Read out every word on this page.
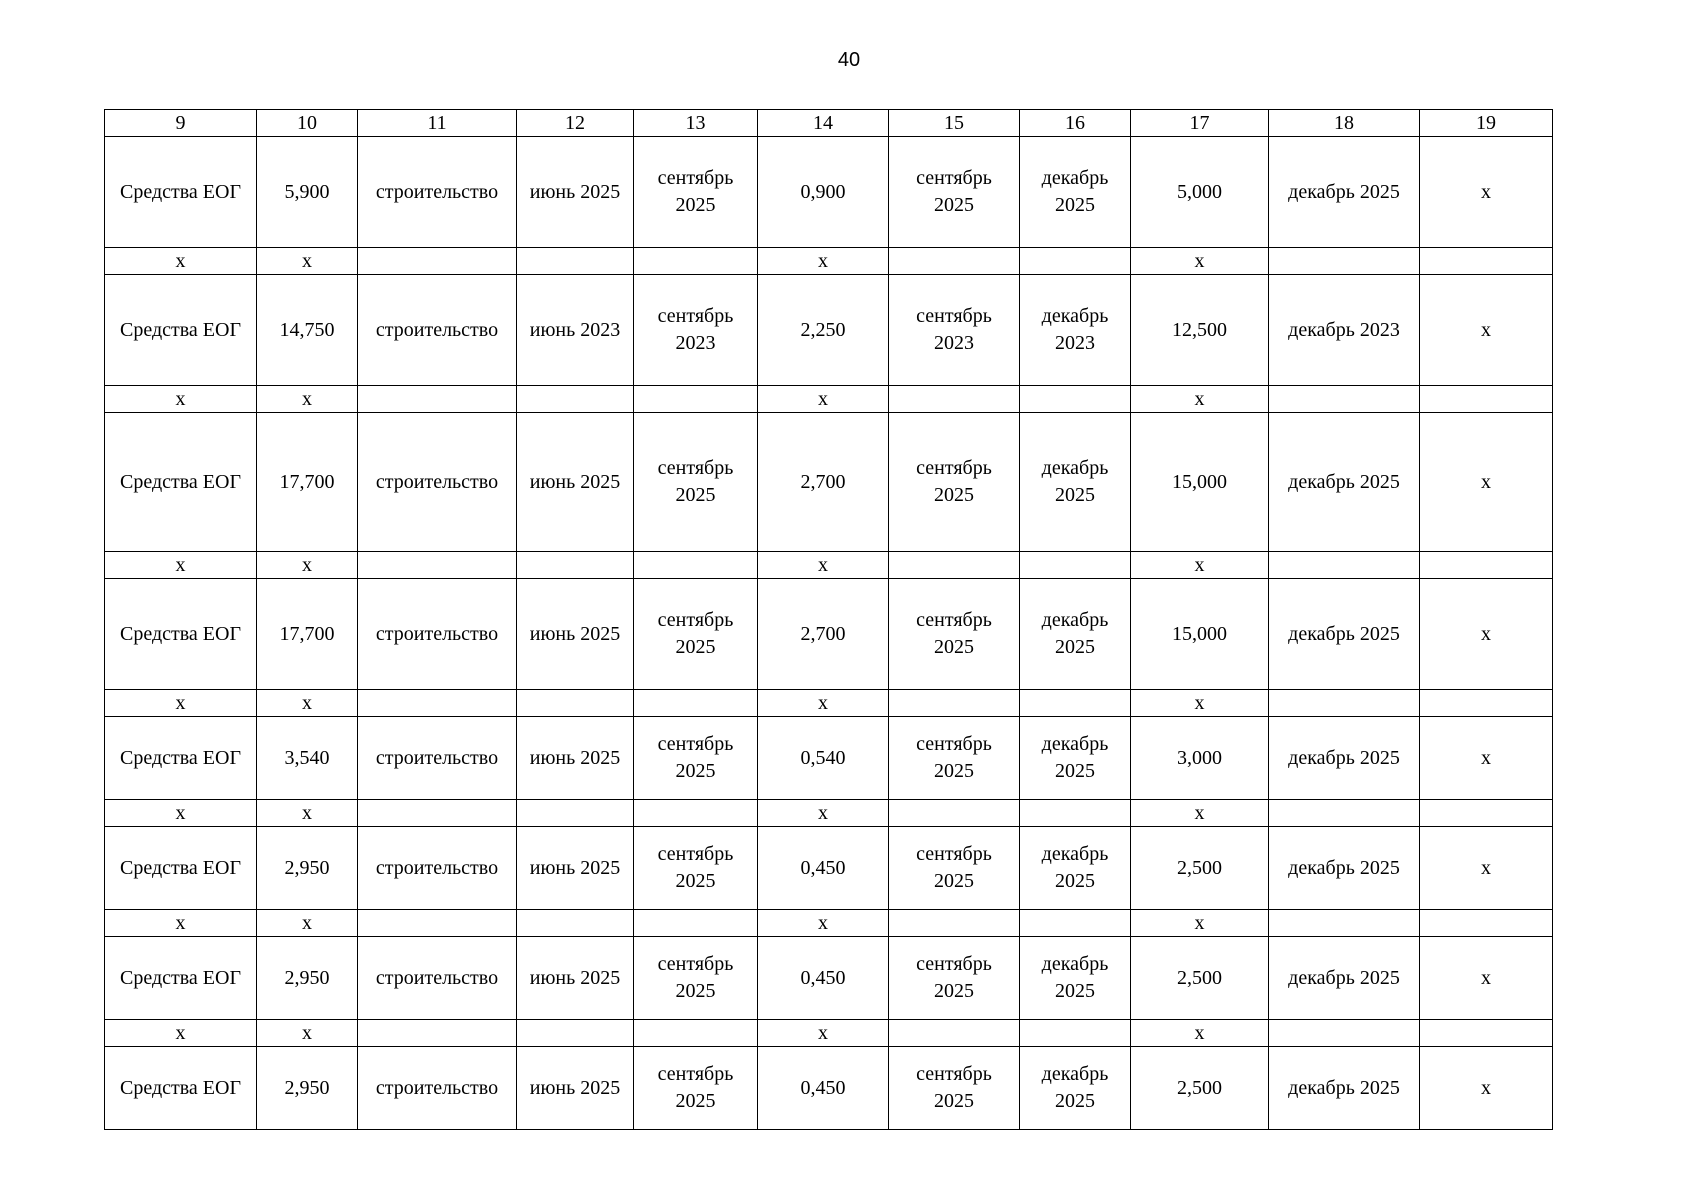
40
9	10	11	12	13	14	15	16	17	18	19
Средства ЕОГ	5,900	строительство	июнь 2025	сентябрь
2025	0,900	сентябрь
2025	декабрь
2025	5,000	декабрь 2025	х
х	х				х			х		
Средства ЕОГ	14,750	строительство	июнь 2023	сентябрь
2023	2,250	сентябрь
2023	декабрь
2023	12,500	декабрь 2023	х
х	х				х			х		
Средства ЕОГ	17,700	строительство	июнь 2025	сентябрь
2025	2,700	сентябрь
2025	декабрь
2025	15,000	декабрь 2025	х
х	х				х			х		
Средства ЕОГ	17,700	строительство	июнь 2025	сентябрь
2025	2,700	сентябрь
2025	декабрь
2025	15,000	декабрь 2025	х
х	х				х			х		
Средства ЕОГ	3,540	строительство	июнь 2025	сентябрь
2025	0,540	сентябрь
2025	декабрь
2025	3,000	декабрь 2025	х
х	х				х			х		
Средства ЕОГ	2,950	строительство	июнь 2025	сентябрь
2025	0,450	сентябрь
2025	декабрь
2025	2,500	декабрь 2025	х
х	х				х			х		
Средства ЕОГ	2,950	строительство	июнь 2025	сентябрь
2025	0,450	сентябрь
2025	декабрь
2025	2,500	декабрь 2025	х
х	х				х			х		
Средства ЕОГ	2,950	строительство	июнь 2025	сентябрь
2025	0,450	сентябрь
2025	декабрь
2025	2,500	декабрь 2025	х
